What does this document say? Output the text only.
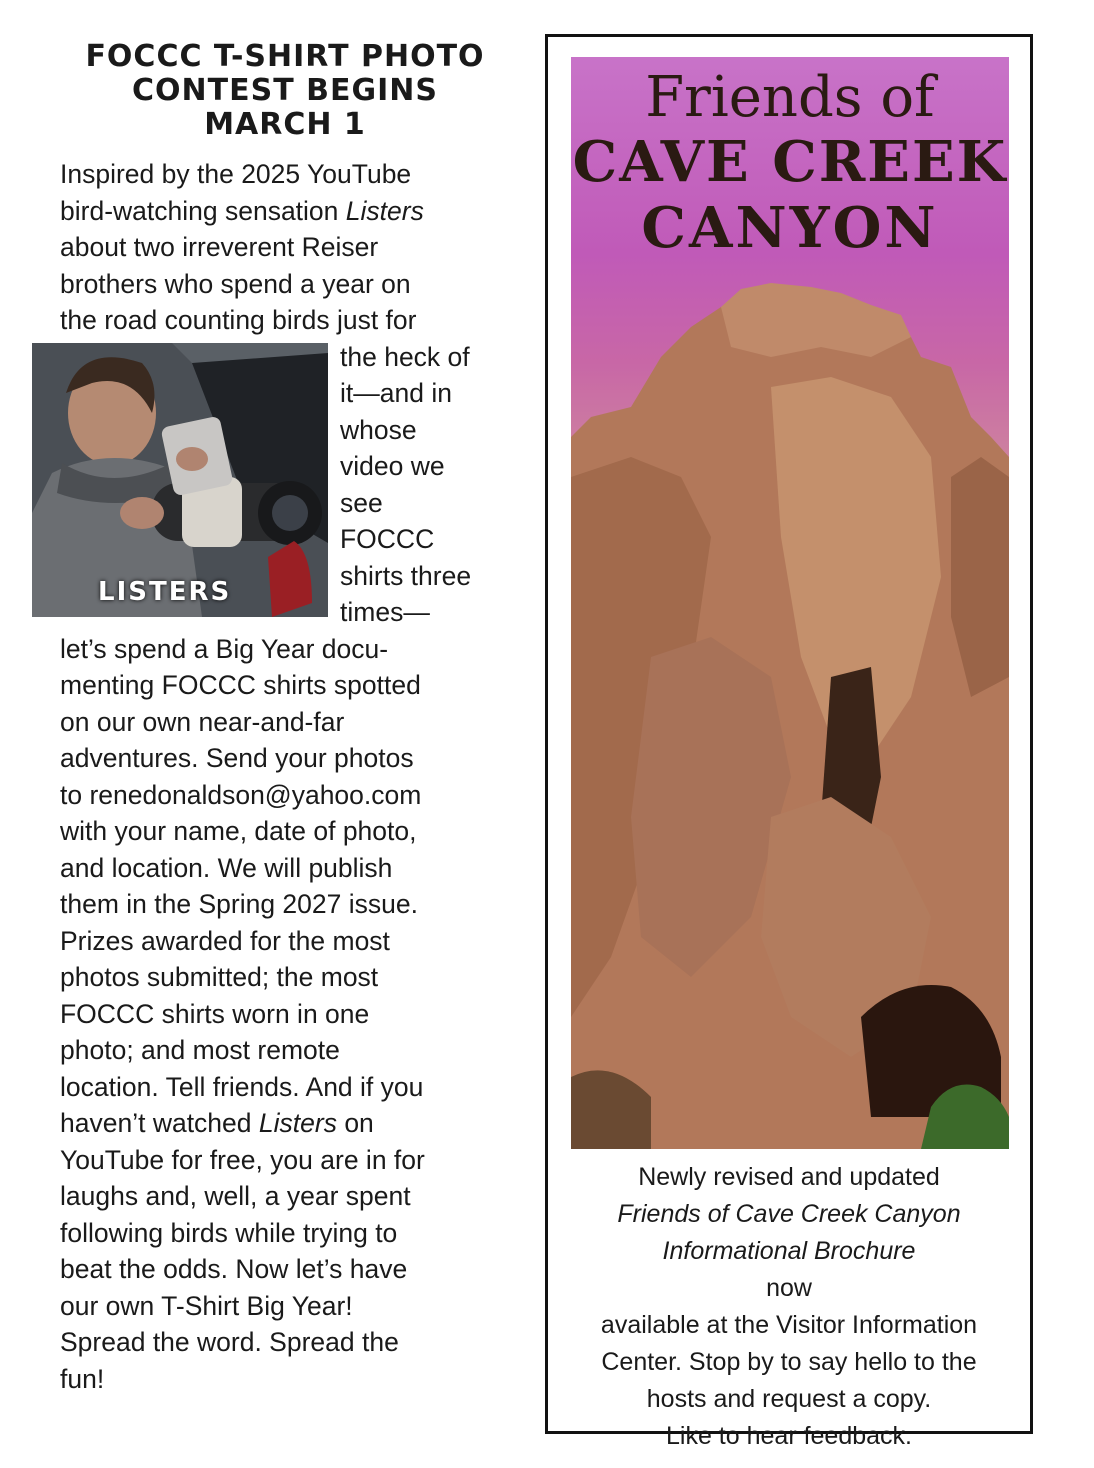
FOCCC T-SHIRT PHOTO
CONTEST BEGINS
MARCH 1
Inspired by the 2025 YouTube
bird-watching sensation Listers
about two irreverent Reiser
brothers who spend a year on
the road counting birds just for
LISTERS
the heck of
it—and in
whose
video we
see
FOCCC
shirts three
times—
let’s spend a Big Year docu-
menting FOCCC shirts spotted
on our own near-and-far
adventures. Send your photos
to renedonaldson@yahoo.com
with your name, date of photo,
and location. We will publish
them in the Spring 2027 issue.
Prizes awarded for the most
photos submitted; the most
FOCCC shirts worn in one
photo; and most remote
location. Tell friends. And if you
haven’t watched Listers on
YouTube for free, you are in for
laughs and, well, a year spent
following birds while trying to
beat the odds. Now let’s have
our own T-Shirt Big Year!
Spread the word. Spread the
fun!
Friends of
CAVE CREEK
CANYON
Newly revised and updated
Friends of Cave Creek Canyon
Informational Brochure
now
available at the Visitor Information
Center. Stop by to say hello to the
hosts and request a copy.
Like to hear feedback.
